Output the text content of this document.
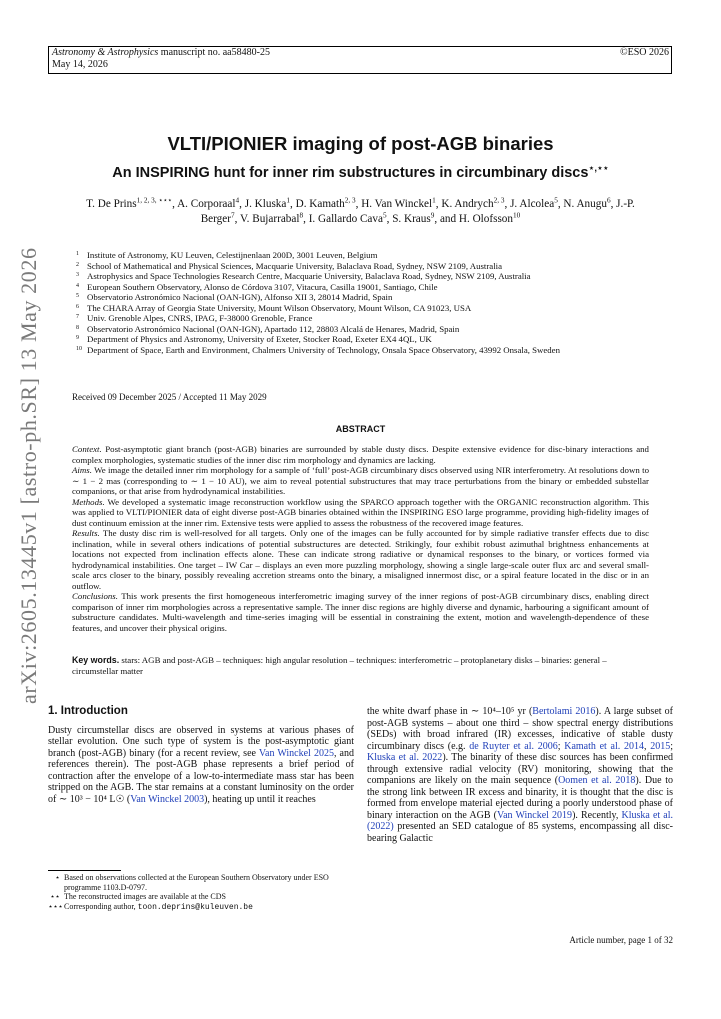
Astronomy & Astrophysics manuscript no. aa58480-25
May 14, 2026
©ESO 2026
arXiv:2605.13445v1 [astro-ph.SR] 13 May 2026
VLTI/PIONIER imaging of post-AGB binaries
An INSPIRING hunt for inner rim substructures in circumbinary discs⋆,⋆⋆
T. De Prins$^{1, 2, 3, ⋆⋆⋆}$, A. Corporaal$^4$, J. Kluska$^1$, D. Kamath$^{2, 3}$, H. Van Winckel$^1$, K. Andrych$^{2, 3}$, J. Alcolea$^5$, N. Anugu$^6$, J.-P. Berger$^7$, V. Bujarrabal$^8$, I. Gallardo Cava$^5$, S. Kraus$^9$, and H. Olofsson$^{10}$
1 Institute of Astronomy, KU Leuven, Celestijnenlaan 200D, 3001 Leuven, Belgium
2 School of Mathematical and Physical Sciences, Macquarie University, Balaclava Road, Sydney, NSW 2109, Australia
3 Astrophysics and Space Technologies Research Centre, Macquarie University, Balaclava Road, Sydney, NSW 2109, Australia
4 European Southern Observatory, Alonso de Córdova 3107, Vitacura, Casilla 19001, Santiago, Chile
5 Observatorio Astronómico Nacional (OAN-IGN), Alfonso XII 3, 28014 Madrid, Spain
6 The CHARA Array of Georgia State University, Mount Wilson Observatory, Mount Wilson, CA 91023, USA
7 Univ. Grenoble Alpes, CNRS, IPAG, F-38000 Grenoble, France
8 Observatorio Astronómico Nacional (OAN-IGN), Apartado 112, 28803 Alcalá de Henares, Madrid, Spain
9 Department of Physics and Astronomy, University of Exeter, Stocker Road, Exeter EX4 4QL, UK
10 Department of Space, Earth and Environment, Chalmers University of Technology, Onsala Space Observatory, 43992 Onsala, Sweden
Received 09 December 2025 / Accepted 11 May 2029
ABSTRACT

Context. Post-asymptotic giant branch (post-AGB) binaries are surrounded by stable dusty discs. Despite extensive evidence for disc-binary interactions and complex morphologies, systematic studies of the inner disc rim morphology and dynamics are lacking.

Aims. We image the detailed inner rim morphology for a sample of ‘full’ post-AGB circumbinary discs observed using NIR interferometry. At resolutions down to ∼ 1 − 2 mas (corresponding to ∼ 1 − 10 AU), we aim to reveal potential substructures that may trace perturbations from the binary or embedded substellar companions, or that arise from hydrodynamical instabilities.

Methods. We developed a systematic image reconstruction workflow using the SPARCO approach together with the ORGANIC reconstruction algorithm. This was applied to VLTI/PIONIER data of eight diverse post-AGB binaries obtained within the INSPIRING ESO large programme, providing high-fidelity images of dust continuum emission at the inner rim. Extensive tests were applied to assess the robustness of the recovered image features.

Results. The dusty disc rim is well-resolved for all targets. Only one of the images can be fully accounted for by simple radiative transfer effects due to disc inclination, while in several others indications of potential substructures are detected. Strikingly, four exhibit robust azimuthal brightness enhancements at locations not expected from inclination effects alone. These can indicate strong radiative or dynamical responses to the binary, or vortices formed via hydrodynamical instabilities. One target – IW Car – displays an even more puzzling morphology, showing a single large-scale outer flux arc and several small-scale arcs closer to the binary, possibly revealing accretion streams onto the binary, a misaligned innermost disc, or a spiral feature located in the disc or in an outflow.

Conclusions. This work presents the first homogeneous interferometric imaging survey of the inner regions of post-AGB circumbinary discs, enabling direct comparison of inner rim morphologies across a representative sample. The inner disc regions are highly diverse and dynamic, harbouring a significant amount of substructure candidates. Multi-wavelength and time-series imaging will be essential in constraining the extent, motion and wavelength-dependence of these features, and uncover their physical origins.

Key words. stars: AGB and post-AGB – techniques: high angular resolution – techniques: interferometric – protoplanetary disks – binaries: general – circumstellar matter
1. Introduction
Dusty circumstellar discs are observed in systems at various phases of stellar evolution. One such type of system is the post-asymptotic giant branch (post-AGB) binary (for a recent review, see Van Winckel 2025, and references therein). The post-AGB phase represents a brief period of contraction after the envelope of a low-to-intermediate mass star has been stripped on the AGB. The star remains at a constant luminosity on the order of ∼ 10³ − 10⁴ L☉ (Van Winckel 2003), heating up until it reaches
the white dwarf phase in ∼ 10⁴–10⁵ yr (Bertolami 2016). A large subset of post-AGB systems – about one third – show spectral energy distributions (SEDs) with broad infrared (IR) excesses, indicative of stable dusty circumbinary discs (e.g. de Ruyter et al. 2006; Kamath et al. 2014, 2015; Kluska et al. 2022). The binarity of these disc sources has been confirmed through extensive radial velocity (RV) monitoring, showing that the companions are likely on the main sequence (Oomen et al. 2018). Due to the strong link between IR excess and binarity, it is thought that the disc is formed from envelope material ejected during a poorly understood phase of binary interaction on the AGB (Van Winckel 2019). Recently, Kluska et al. (2022) presented an SED catalogue of 85 systems, encompassing all disc-bearing Galactic
⋆ Based on observations collected at the European Southern Observatory under ESO programme 1103.D-0797.
⋆⋆ The reconstructed images are available at the CDS
⋆⋆⋆ Corresponding author, toon.deprins@kuleuven.be
Article number, page 1 of 32
